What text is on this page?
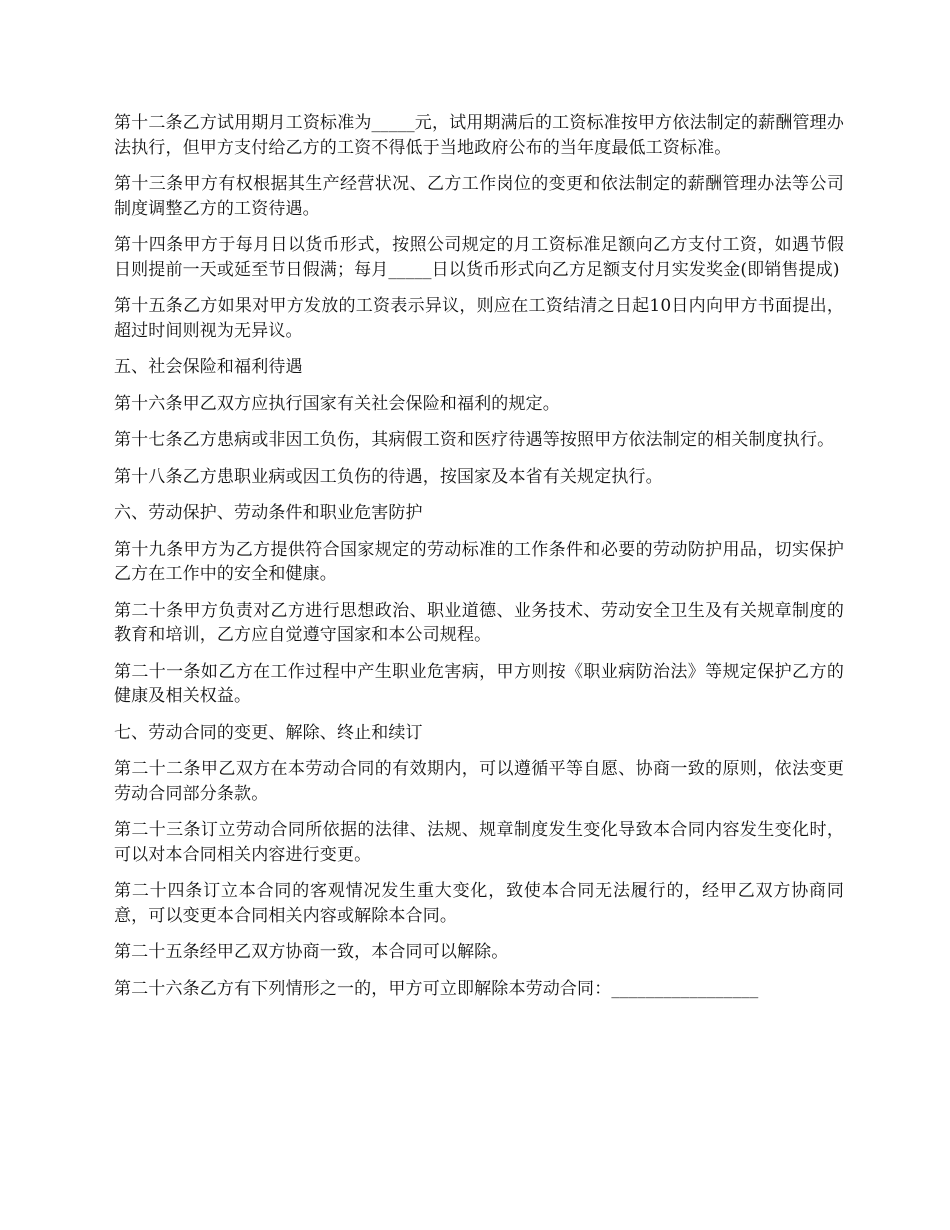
第十二条乙方试用期月工资标准为_____元，试用期满后的工资标准按甲方依法制定的薪酬管理办法执行，但甲方支付给乙方的工资不得低于当地政府公布的当年度最低工资标准。

第十三条甲方有权根据其生产经营状况、乙方工作岗位的变更和依法制定的薪酬管理办法等公司制度调整乙方的工资待遇。

第十四条甲方于每月日以货币形式，按照公司规定的月工资标准足额向乙方支付工资，如遇节假日则提前一天或延至节日假满；每月_____日以货币形式向乙方足额支付月实发奖金(即销售提成)

第十五条乙方如果对甲方发放的工资表示异议，则应在工资结清之日起10日内向甲方书面提出，超过时间则视为无异议。

五、社会保险和福利待遇

第十六条甲乙双方应执行国家有关社会保险和福利的规定。

第十七条乙方患病或非因工负伤，其病假工资和医疗待遇等按照甲方依法制定的相关制度执行。

第十八条乙方患职业病或因工负伤的待遇，按国家及本省有关规定执行。

六、劳动保护、劳动条件和职业危害防护

第十九条甲方为乙方提供符合国家规定的劳动标准的工作条件和必要的劳动防护用品，切实保护乙方在工作中的安全和健康。

第二十条甲方负责对乙方进行思想政治、职业道德、业务技术、劳动安全卫生及有关规章制度的教育和培训，乙方应自觉遵守国家和本公司规程。

第二十一条如乙方在工作过程中产生职业危害病，甲方则按《职业病防治法》等规定保护乙方的健康及相关权益。

七、劳动合同的变更、解除、终止和续订

第二十二条甲乙双方在本劳动合同的有效期内，可以遵循平等自愿、协商一致的原则，依法变更劳动合同部分条款。

第二十三条订立劳动合同所依据的法律、法规、规章制度发生变化导致本合同内容发生变化时，可以对本合同相关内容进行变更。

第二十四条订立本合同的客观情况发生重大变化，致使本合同无法履行的，经甲乙双方协商同意，可以变更本合同相关内容或解除本合同。

第二十五条经甲乙双方协商一致，本合同可以解除。

第二十六条乙方有下列情形之一的，甲方可立即解除本劳动合同：_________________
